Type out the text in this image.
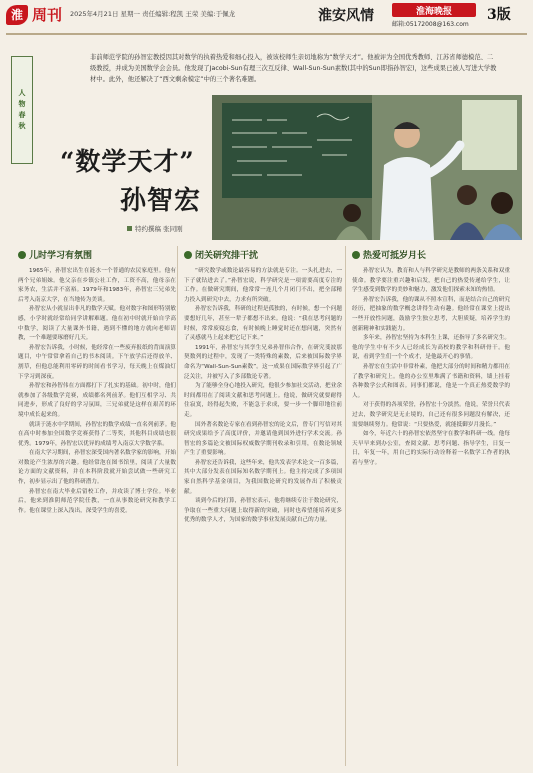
淮 周刊 2025年4月21日 星期一 责任编辑:程凯 王荣 美编:于佩龙	淮安风情	淮海晚报
邮箱:05172008@163.com
3版
人
物
春
秋
非前师范学院的孙智宏教授因其对数学的执着热爱和细心投入，被该校师生亲切地称为“数学天才”。他被评为全国优秀教师、江苏省师德模范、二级教授，并成为美国数学会会员。他发现了Jacobi-Sun有理三次互反律、Wall-Sun-Sun素数(其中的Sun即指孙智宏)，这些成果已被人写进大学教材中。此外，他还解决了“西文剩余模定”中的三个著名难题。
“数学天才”
孙智宏
特约撰稿 张同刚
儿时学习有氛围

1965年，孙智宏出生在涟水一个普通的农民家庭里。他有两个兄弟姐妹。他父亲在乡镇公社工作，工资不高，他母亲在家务农，生活并不富裕。1979年和1983年，孙智宏三兄弟先后考入南京大学，在当地传为美谈。

孙智宏从小就显出非凡的数学天赋。他对数字和图形特别敏感，小学时就经常给同学讲解难题。他在初中时就开始自学高中数学，阅读了大量课外书籍，遇到不懂的地方就向老师请教，一个难题要琢磨好几天。

孙智宏告诉我，小时候，他经常在一些废弃报纸的背面演算题目，中午常常拿着自己的书本阅读。下午放学后还得放羊、割草，但他总能利用零碎的时间看书学习，每天晚上在煤油灯下学习到深夜。

孙智宏和孙智伟在方面都打下了扎实的基础。初中时，他们就参加了各级数学竞赛，成绩都名列前茅。他们互相学习、共同进步，形成了良好的学习氛围，三兄弟就是这样在艰苦的环境中成长起来的。

就读于涟水中学期间，孙智宏的数学成绩一直名列前茅。他在高中时参加全国数学竞赛获得了二等奖，其他科目成绩也很优秀。1979年，孙智宏以优异的成绩考入南京大学数学系。

在南大学习期间，孙智宏深受国内著名数学家的影响，开始对数论产生浓厚的兴趣。他经常泡在图书馆里，阅读了大量数论方面的文献资料，并在本科阶段就开始尝试做一些研究工作，初步显示出了他的科研潜力。

孙智宏在南大毕业后留校工作，并攻读了博士学位。毕业后，他来到淮阴师范学院任教，一直从事数论研究和教学工作。他在课堂上深入浅出，深受学生的喜爱。

闭关研究排干扰

“研究数学或数论最容易的方法就是专注。一头扎进去，一下子就钻进去了。”孙智宏说，科学研究是一项需要高度专注的工作。在做研究期间，他常常一连几个月闭门不出，把全部精力投入到研究中去，力求有所突破。

孙智宏告诉我，科研的过程是孤独的，有时候，想一个问题要想好几年，甚至一辈子都想不出来。他说：“我在思考问题的时候，常常废寝忘食，有时候晚上睡觉时还在想问题，突然有了灵感就马上起来把它记下来。”

1991年，孙智宏与其孪生兄弟孙智伟合作，在研究斐波那契数列的过程中，发现了一类特殊的素数，后来被国际数学界命名为“Wall-Sun-Sun素数”。这一成果在国际数学界引起了广泛关注，并被写入了多部数论专著。

为了能够全身心地投入研究，他很少参加社交活动，把业余时间都用在了阅读文献和思考问题上。他说，做研究就要耐得住寂寞，经得起失败，不能急于求成，要一步一个脚印地往前走。

国外著名数论专家在看到孙智宏的论文后，曾专门写信对其研究成果给予了高度评价，并邀请他到国外进行学术交流。孙智宏的多篇论文被国际权威数学期刊收录和引用，在数论领域产生了重要影响。

孙智宏还告诉我，这些年来，他共发表学术论文一百多篇，其中大部分发表在国际知名数学期刊上。他主持完成了多项国家自然科学基金项目，为我国数论研究的发展作出了积极贡献。

谈到今后的打算，孙智宏表示，他将继续专注于数论研究，争取在一些重大问题上取得新的突破，同时也希望能培养更多优秀的数学人才，为国家的数学事业发展贡献自己的力量。

热爱可抵岁月长

孙智宏认为，教育和人与科学研究是教师的两条关系和双重使命。教学要注重兴趣和启发，把自己的热爱传递给学生，让学生感受到数学的美妙和魅力，激发他们探索未知的热情。

孙智宏告诉我，他的课从不照本宣科，而是结合自己的研究经历，把抽象的数学概念讲得生动有趣。他经常在课堂上提出一些开放性问题，鼓励学生独立思考，大胆质疑，培养学生的创新精神和实践能力。

多年来，孙智宏坚持为本科生上课，还指导了多名研究生。他的学生中有不少人已经成长为高校的教学和科研骨干。他说，看到学生们一个个成才，是他最开心的事情。

孙智宏在生活中非常朴素，他把大部分的时间和精力都用在了教学和研究上。他的办公室里堆满了书籍和资料，墙上挂着各种数学公式和图表。同事们都说，他是一个真正热爱数学的人。

对于获得的各项荣誉，孙智宏十分淡然。他说，荣誉只代表过去，数学研究是无止境的，自己还有很多问题没有解决，还需要继续努力。他常说：“只要热爱，就能抵御岁月漫长。”

如今，年近六十的孙智宏依然坚守在教学和科研一线。他每天早早来到办公室，查阅文献、思考问题、指导学生，日复一日，年复一年，用自己的实际行动诠释着一名数学工作者的执着与坚守。
